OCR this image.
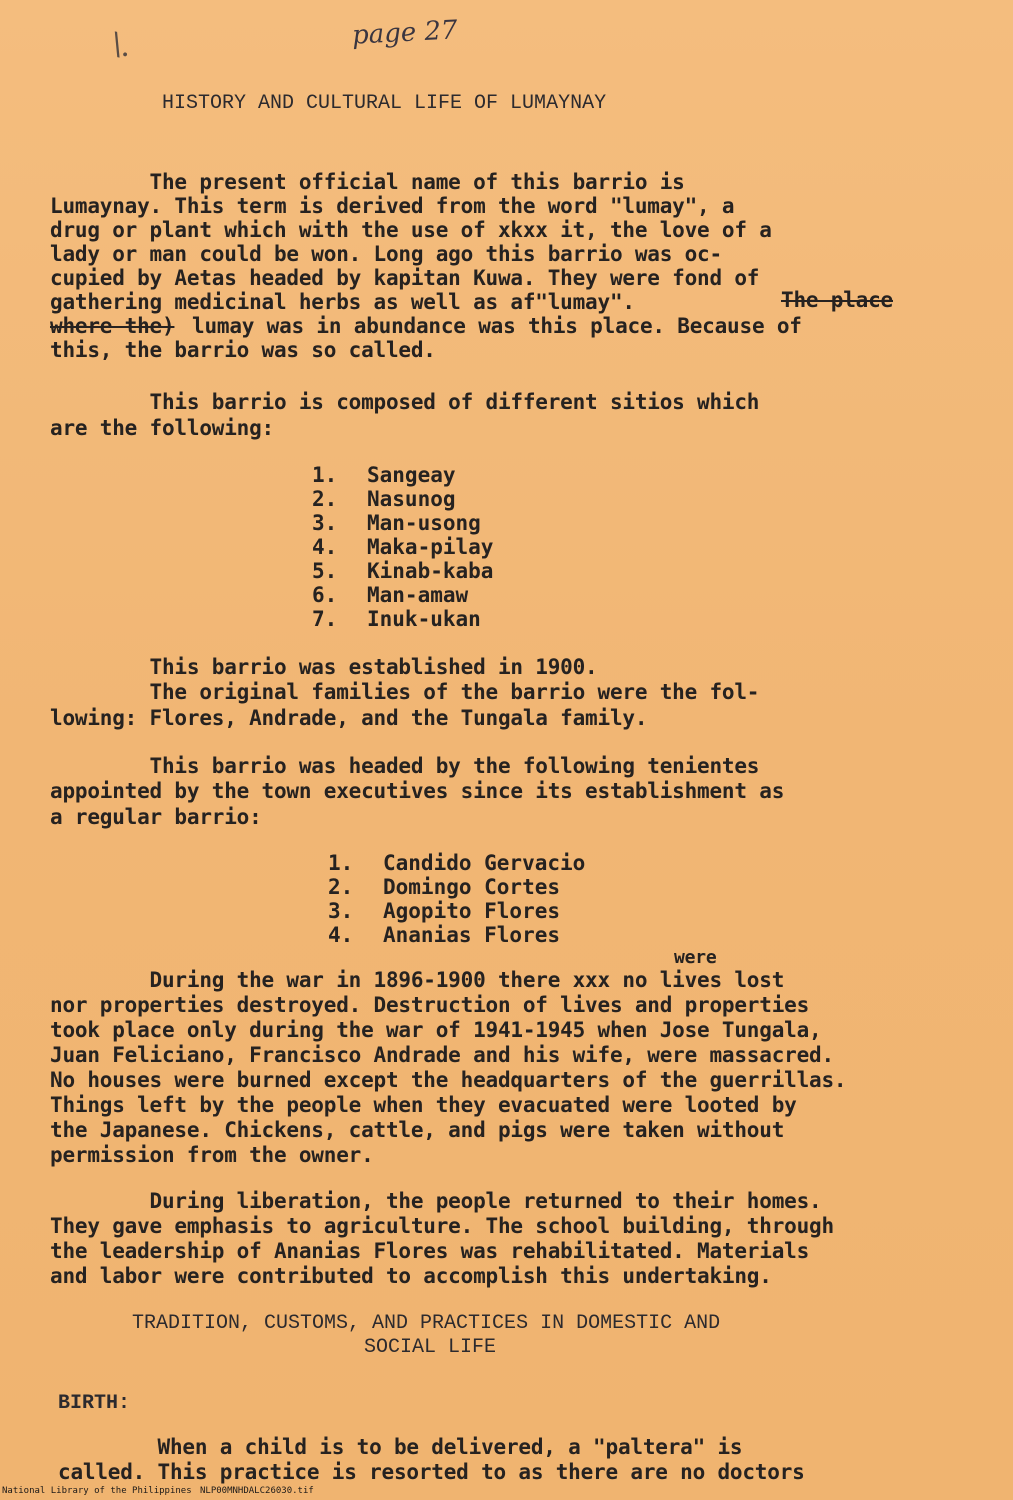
page 27
\.
HISTORY AND CULTURAL LIFE OF LUMAYNAY
The present official name of this barrio is
Lumaynay. This term is derived from the word "lumay", a
drug or plant which with the use of xkxx it, the love of a
lady or man could be won. Long ago this barrio was oc-
cupied by Aetas headed by kapitan Kuwa. They were fond of
gathering medicinal herbs as well as af"lumay".	The place
where the) lumay was in abundance was this place. Because of
this, the barrio was so called.
This barrio is composed of different sitios which
are the following:
1. Sangeay
2. Nasunog
3. Man-usong
4. Maka-pilay
5. Kinab-kaba
6. Man-amaw
7. Inuk-ukan
This barrio was established in 1900.
The original families of the barrio were the fol-
lowing: Flores, Andrade, and the Tungala family.
This barrio was headed by the following tenientes
appointed by the town executives since its establishment as
a regular barrio:
1. Candido Gervacio
2. Domingo Cortes
3. Agopito Flores
4. Ananias Flores
were
During the war in 1896-1900 there xxx no lives lost
nor properties destroyed. Destruction of lives and properties
took place only during the war of 1941-1945 when Jose Tungala,
Juan Feliciano, Francisco Andrade and his wife, were massacred.
No houses were burned except the headquarters of the guerrillas.
Things left by the people when they evacuated were looted by
the Japanese. Chickens, cattle, and pigs were taken without
permission from the owner.
During liberation, the people returned to their homes.
They gave emphasis to agriculture. The school building, through
the leadership of Ananias Flores was rehabilitated. Materials
and labor were contributed to accomplish this undertaking.
TRADITION, CUSTOMS, AND PRACTICES IN DOMESTIC AND
SOCIAL LIFE
BIRTH:
When a child is to be delivered, a "paltera" is
called. This practice is resorted to as there are no doctors
National Library of the Philippines NLP00MNHDALC26030.tif
